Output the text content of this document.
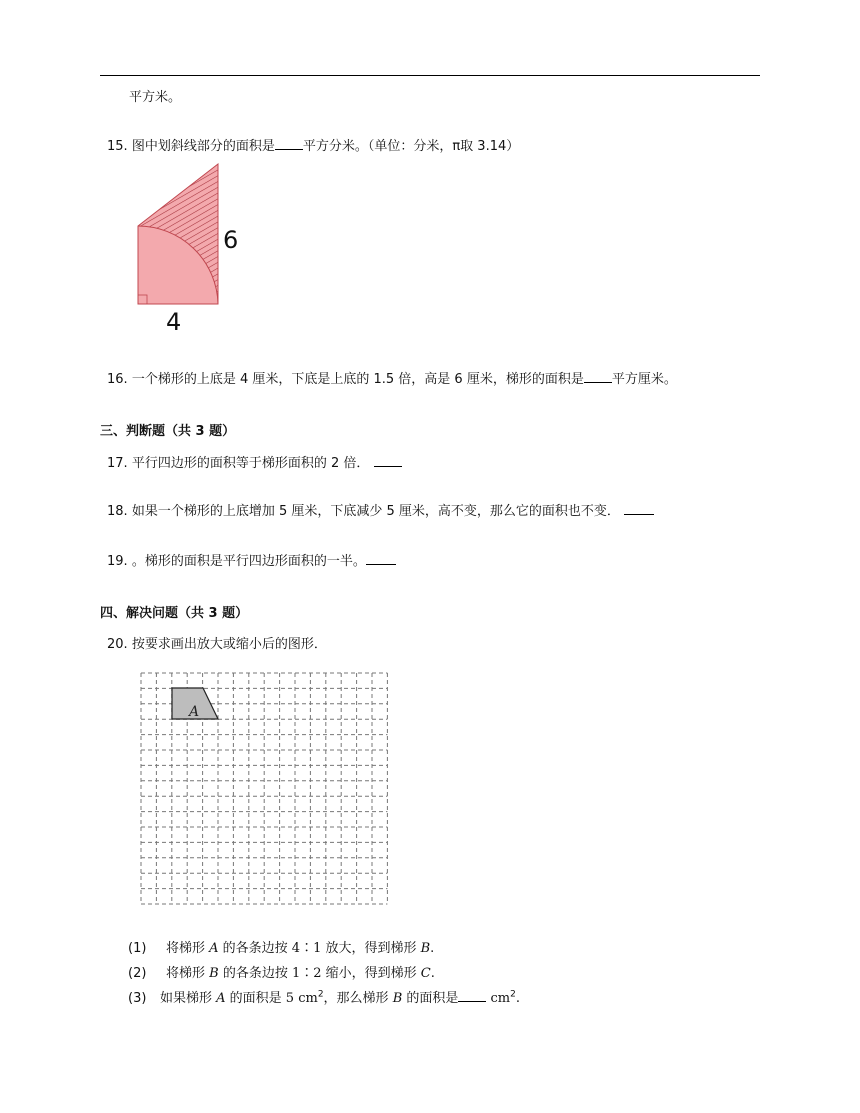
平方米。
15. 图中划斜线部分的面积是 平方分米。（单位：分米，π取 3.14）
6
4
16. 一个梯形的上底是 4 厘米，下底是上底的 1.5 倍，高是 6 厘米，梯形的面积是 平方厘米。
三、判断题（共 3 题）
17. 平行四边形的面积等于梯形面积的 2 倍．
18. 如果一个梯形的上底增加 5 厘米，下底减少 5 厘米，高不变，那么它的面积也不变．
19. 。梯形的面积是平行四边形面积的一半。
四、解决问题（共 3 题）
20. 按要求画出放大或缩小后的图形．
A
(1) 将梯形 A 的各条边按 4∶1 放大，得到梯形 B.
(2) 将梯形 B 的各条边按 1∶2 缩小，得到梯形 C.
(3) 如果梯形 A 的面积是 5 $cm^2$，那么梯形 B 的面积是 $cm^2$.
